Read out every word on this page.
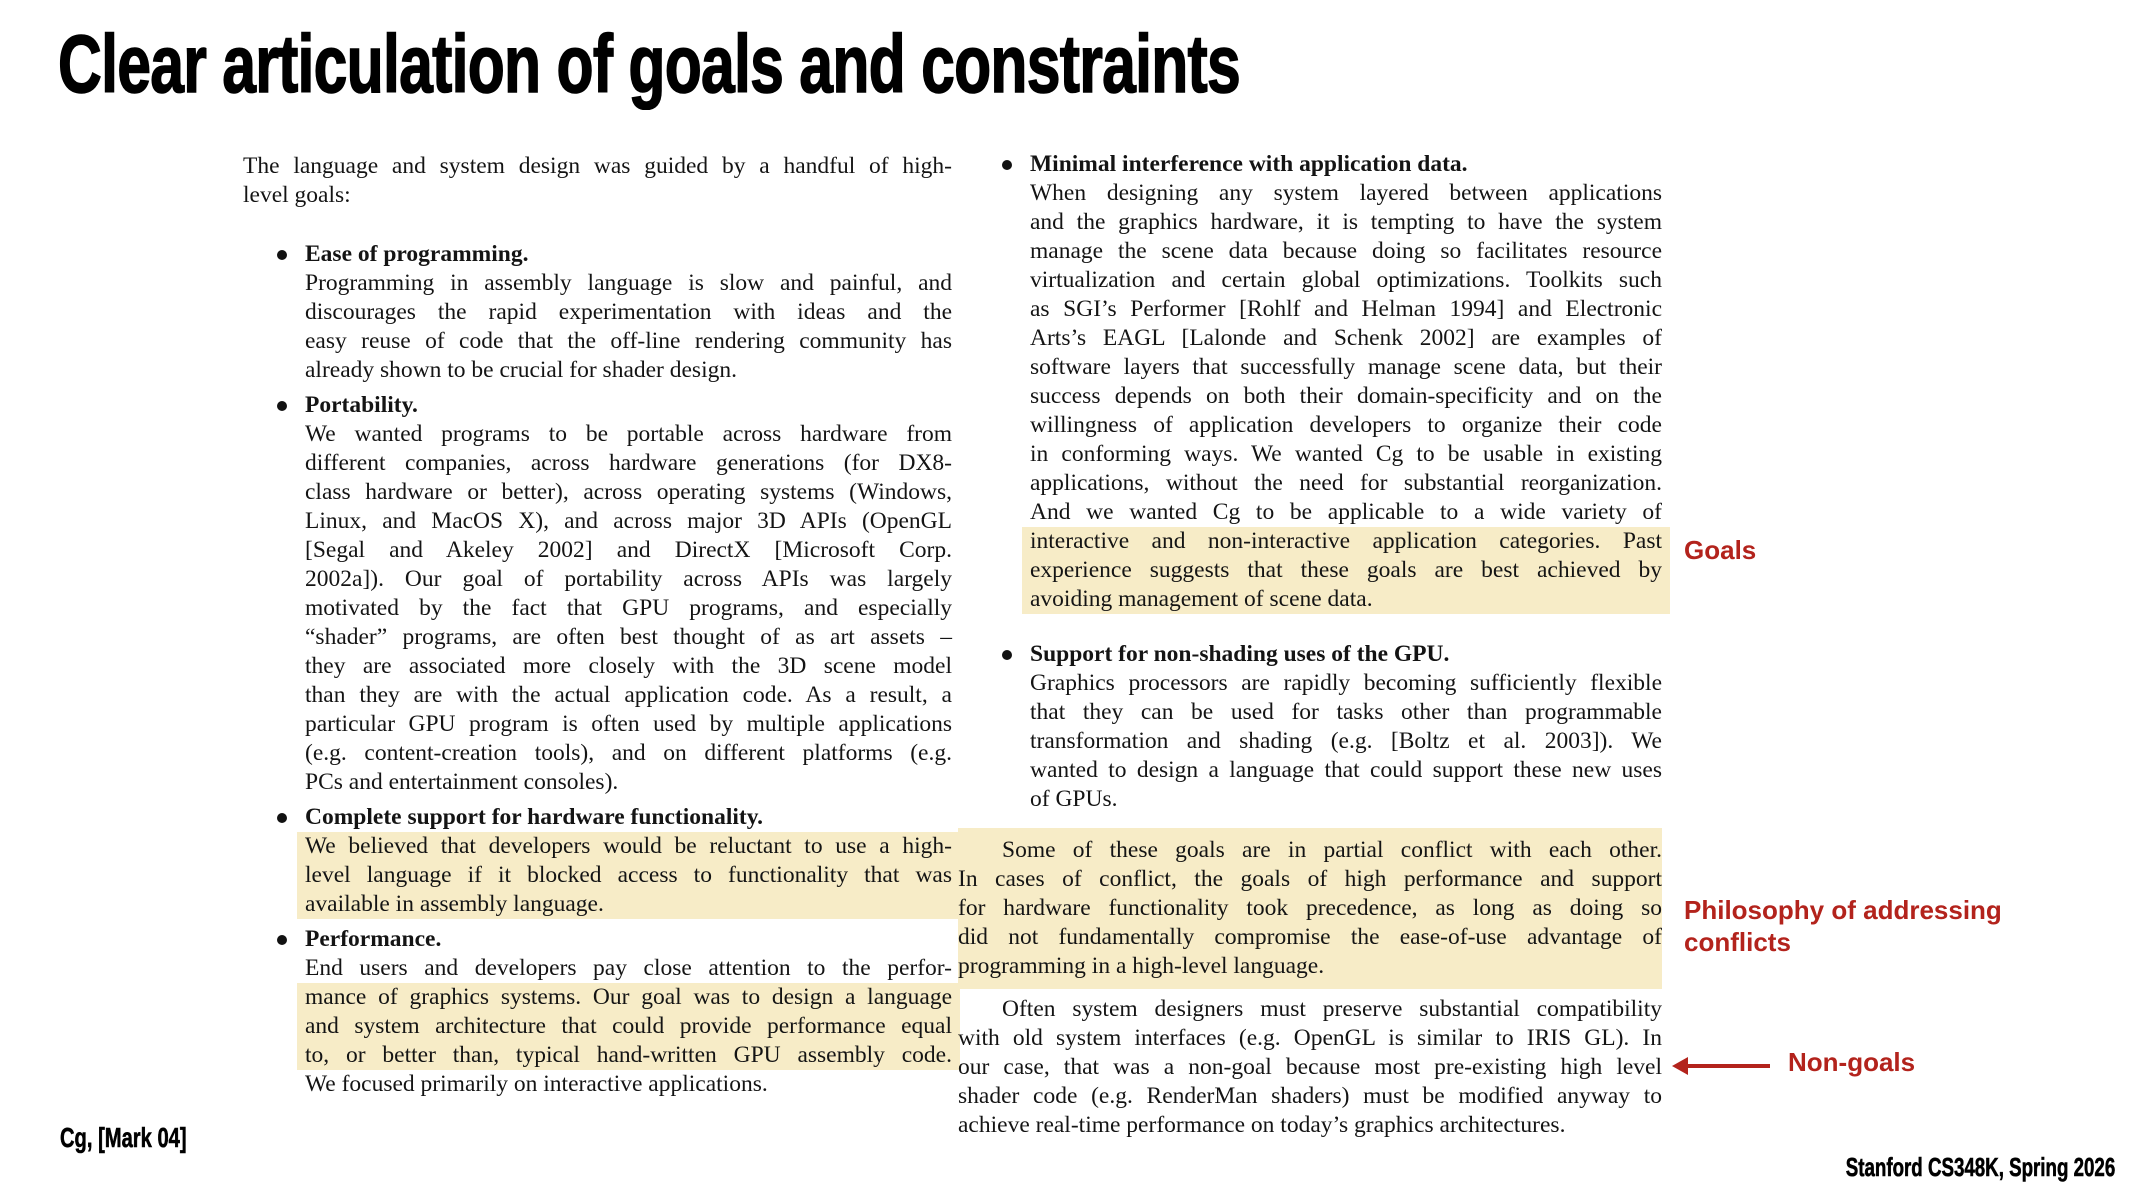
Clear articulation of goals and constraints
The language and system design was guided by a handful of high-
level goals:
Ease of programming.
Programming in assembly language is slow and painful, and
discourages the rapid experimentation with ideas and the
easy reuse of code that the off-line rendering community has
already shown to be crucial for shader design.
Portability.
We wanted programs to be portable across hardware from
different companies, across hardware generations (for DX8-
class hardware or better), across operating systems (Windows,
Linux, and MacOS X), and across major 3D APIs (OpenGL
[Segal and Akeley 2002] and DirectX [Microsoft Corp.
2002a]). Our goal of portability across APIs was largely
motivated by the fact that GPU programs, and especially
“shader” programs, are often best thought of as art assets –
they are associated more closely with the 3D scene model
than they are with the actual application code. As a result, a
particular GPU program is often used by multiple applications
(e.g. content-creation tools), and on different platforms (e.g.
PCs and entertainment consoles).
Complete support for hardware functionality.
We believed that developers would be reluctant to use a high-
level language if it blocked access to functionality that was
available in assembly language.
Performance.
End users and developers pay close attention to the perfor-
mance of graphics systems. Our goal was to design a language
and system architecture that could provide performance equal
to, or better than, typical hand-written GPU assembly code.
We focused primarily on interactive applications.
Minimal interference with application data.
When designing any system layered between applications
and the graphics hardware, it is tempting to have the system
manage the scene data because doing so facilitates resource
virtualization and certain global optimizations. Toolkits such
as SGI’s Performer [Rohlf and Helman 1994] and Electronic
Arts’s EAGL [Lalonde and Schenk 2002] are examples of
software layers that successfully manage scene data, but their
success depends on both their domain-specificity and on the
willingness of application developers to organize their code
in conforming ways. We wanted Cg to be usable in existing
applications, without the need for substantial reorganization.
And we wanted Cg to be applicable to a wide variety of
interactive and non-interactive application categories. Past
experience suggests that these goals are best achieved by
avoiding management of scene data.
Support for non-shading uses of the GPU.
Graphics processors are rapidly becoming sufficiently flexible
that they can be used for tasks other than programmable
transformation and shading (e.g. [Boltz et al. 2003]). We
wanted to design a language that could support these new uses
of GPUs.
Some of these goals are in partial conflict with each other.
In cases of conflict, the goals of high performance and support
for hardware functionality took precedence, as long as doing so
did not fundamentally compromise the ease-of-use advantage of
programming in a high-level language.
Often system designers must preserve substantial compatibility
with old system interfaces (e.g. OpenGL is similar to IRIS GL). In
our case, that was a non-goal because most pre-existing high level
shader code (e.g. RenderMan shaders) must be modified anyway to
achieve real-time performance on today’s graphics architectures.
Goals
Philosophy of addressing conflicts
Non-goals
Cg, [Mark 04]
Stanford CS348K, Spring 2026
